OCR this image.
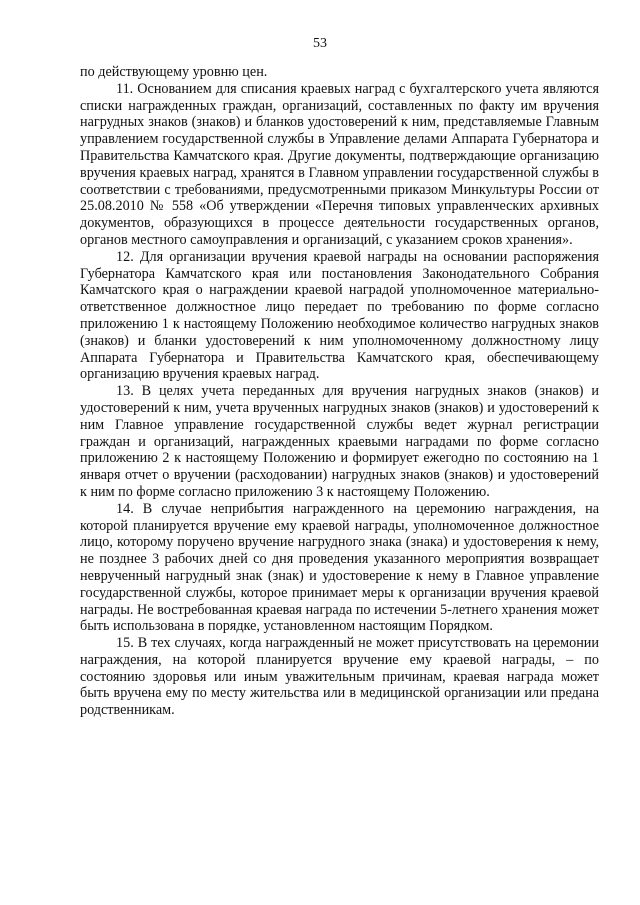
53

по действующему уровню цен.

11. Основанием для списания краевых наград с бухгалтерского учета являются списки награжденных граждан, организаций, составленных по факту им вручения нагрудных знаков (знаков) и бланков удостоверений к ним, представляемые Главным управлением государственной службы в Управление делами Аппарата Губернатора и Правительства Камчатского края. Другие документы, подтверждающие организацию вручения краевых наград, хранятся в Главном управлении государственной службы в соответствии с требованиями, предусмотренными приказом Минкультуры России от 25.08.2010 № 558 «Об утверждении «Перечня типовых управленческих архивных документов, образующихся в процессе деятельности государственных органов, органов местного самоуправления и организаций, с указанием сроков хранения».

12. Для организации вручения краевой награды на основании распоряжения Губернатора Камчатского края или постановления Законодательного Собрания Камчатского края о награждении краевой наградой уполномоченное материально-ответственное должностное лицо передает по требованию по форме согласно приложению 1 к настоящему Положению необходимое количество нагрудных знаков (знаков) и бланки удостоверений к ним уполномоченному должностному лицу Аппарата Губернатора и Правительства Камчатского края, обеспечивающему организацию вручения краевых наград.

13. В целях учета переданных для вручения нагрудных знаков (знаков) и удостоверений к ним, учета врученных нагрудных знаков (знаков) и удостоверений к ним Главное управление государственной службы ведет журнал регистрации граждан и организаций, награжденных краевыми наградами по форме согласно приложению 2 к настоящему Положению и формирует ежегодно по состоянию на 1 января отчет о вручении (расходовании) нагрудных знаков (знаков) и удостоверений к ним по форме согласно приложению 3 к настоящему Положению.

14. В случае неприбытия награжденного на церемонию награждения, на которой планируется вручение ему краевой награды, уполномоченное должностное лицо, которому поручено вручение нагрудного знака (знака) и удостоверения к нему, не позднее 3 рабочих дней со дня проведения указанного мероприятия возвращает неврученный нагрудный знак (знак) и удостоверение к нему в Главное управление государственной службы, которое принимает меры к организации вручения краевой награды. Не востребованная краевая награда по истечении 5-летнего хранения может быть использована в порядке, установленном настоящим Порядком.

15. В тех случаях, когда награжденный не может присутствовать на церемонии награждения, на которой планируется вручение ему краевой награды, – по состоянию здоровья или иным уважительным причинам, краевая награда может быть вручена ему по месту жительства или в медицинской организации или предана родственникам.
